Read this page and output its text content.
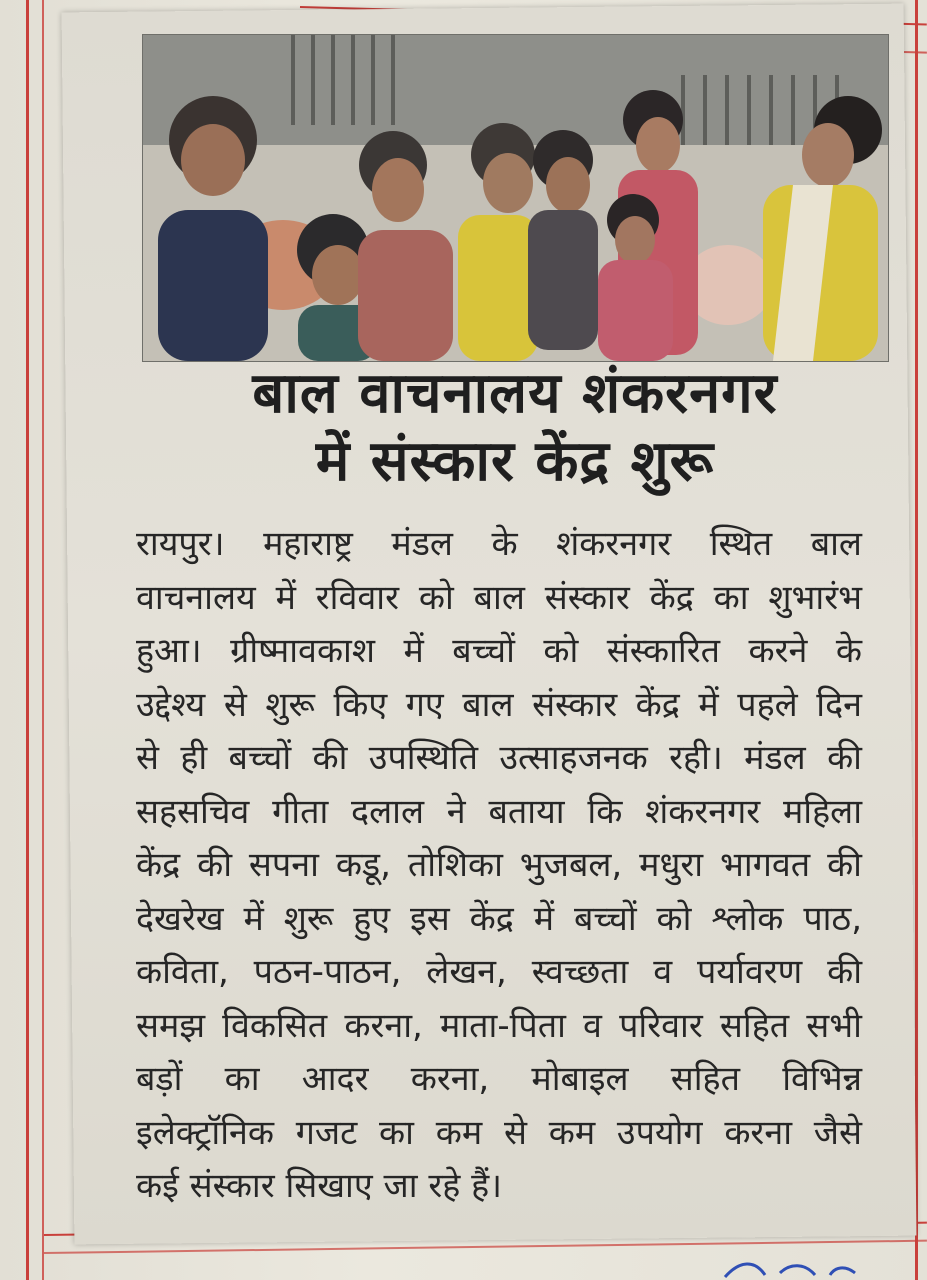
बाल वाचनालय शंकरनगर
में संस्कार केंद्र शुरू
रायपुर। महाराष्ट्र मंडल के शंकरनगर स्थित बाल
वाचनालय में रविवार को बाल संस्कार केंद्र का शुभारंभ
हुआ। ग्रीष्मावकाश में बच्चों को संस्कारित करने के
उद्देश्य से शुरू किए गए बाल संस्कार केंद्र में पहले दिन
से ही बच्चों की उपस्थिति उत्साहजनक रही। मंडल की
सहसचिव गीता दलाल ने बताया कि शंकरनगर महिला
केंद्र की सपना कडू, तोशिका भुजबल, मधुरा भागवत की
देखरेख में शुरू हुए इस केंद्र में बच्चों को श्लोक पाठ,
कविता, पठन-पाठन, लेखन, स्वच्छता व पर्यावरण की
समझ विकसित करना, माता-पिता व परिवार सहित सभी
बड़ों का आदर करना, मोबाइल सहित विभिन्न
इलेक्ट्रॉनिक गजट का कम से कम उपयोग करना जैसे
कई संस्कार सिखाए जा रहे हैं।
